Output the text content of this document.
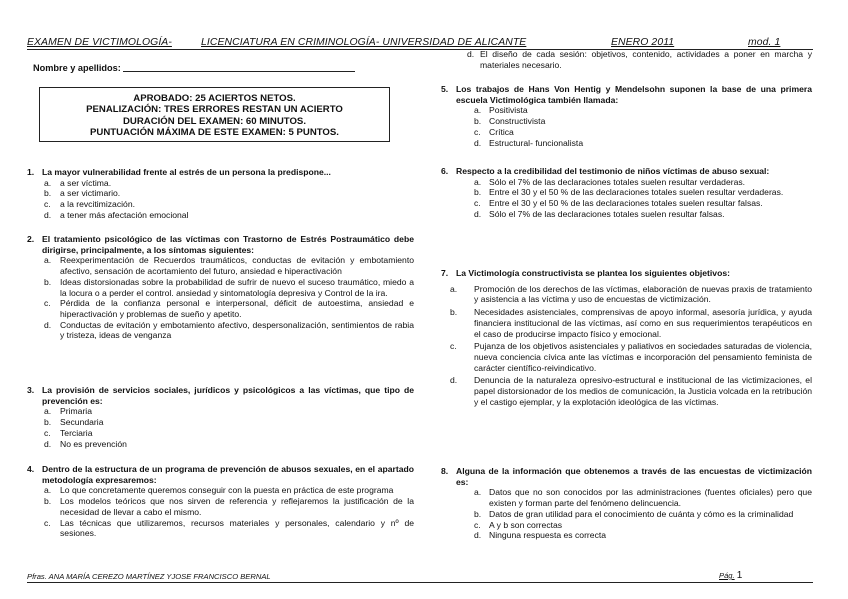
EXAMEN DE VICTIMOLOGÍA-	LICENCIATURA EN CRIMINOLOGÍA- UNIVERSIDAD DE ALICANTE	ENERO 2011	mod. 1
Nombre y apellidos:
APROBADO: 25 ACIERTOS NETOS.
PENALIZACIÓN: TRES ERRORES RESTAN UN ACIERTO
DURACIÓN DEL EXAMEN: 60 MINUTOS.
PUNTUACIÓN MÁXIMA DE ESTE EXAMEN: 5 PUNTOS.
d. El diseño de cada sesión: objetivos, contenido, actividades a poner en marcha y materiales necesario.
1. La mayor vulnerabilidad frente al estrés de un persona la predispone...
a. a ser víctima.
b. a ser victimario.
c. a la revcitimización.
d. a tener más afectación emocional
2. El tratamiento psicológico de las víctimas con Trastorno de Estrés Postraumático debe dirigirse, principalmente, a los síntomas siguientes:
a. Reexperimentación de Recuerdos traumáticos, conductas de evitación y embotamiento afectivo, sensación de acortamiento del futuro, ansiedad e hiperactivación
b. Ideas distorsionadas sobre la probabilidad de sufrir de nuevo el suceso traumático, miedo a la locura o a perder el control. ansiedad y sintomatología depresiva y Control de la ira.
c. Pérdida de la confianza personal e interpersonal, déficit de autoestima, ansiedad e hiperactivación y problemas de sueño y apetito.
d. Conductas de evitación y embotamiento afectivo, despersonalización, sentimientos de rabia y tristeza, ideas de venganza
3. La provisión de servicios sociales, jurídicos y psicológicos a las víctimas, que tipo de prevención es:
a. Primaria
b. Secundaria
c. Terciaria
d. No es prevención
4. Dentro de la estructura de un programa de prevención de abusos sexuales, en el apartado metodología expresaremos:
a. Lo que concretamente queremos conseguir con la puesta en práctica de este programa
b. Los modelos teóricos que nos sirven de referencia y reflejaremos la justificación de la necesidad de llevar a cabo el mismo.
c. Las técnicas que utilizaremos, recursos materiales y personales, calendario y nº de sesiones.
5. Los trabajos de Hans Von Hentig y Mendelsohn suponen la base de una primera escuela Victimológica también llamada:
a. Positivista
b. Constructivista
c. Crítica
d. Estructural- funcionalista
6. Respecto a la credibilidad del testimonio de niños víctimas de abuso sexual:
a. Sólo el 7% de las declaraciones totales suelen resultar verdaderas.
b. Entre el 30 y el 50 % de las declaraciones totales suelen resultar verdaderas.
c. Entre el 30 y el 50 % de las declaraciones totales suelen resultar falsas.
d. Sólo el 7% de las declaraciones totales suelen resultar falsas.
7. La Victimología constructivista se plantea los siguientes objetivos:
a. Promoción de los derechos de las víctimas, elaboración de nuevas praxis de tratamiento y asistencia a las víctima y uso de encuestas de victimización.
b. Necesidades asistenciales, comprensivas de apoyo informal, asesoría jurídica, y ayuda financiera institucional de las víctimas, así como en sus requerimientos terapéuticos en el caso de producirse impacto físico y emocional.
c. Pujanza de los objetivos asistenciales y paliativos en sociedades saturadas de violencia, nueva conciencia cívica ante las víctimas e incorporación del pensamiento feminista de carácter científico-reivindicativo.
d. Denuncia de la naturaleza opresivo-estructural e institucional de las victimizaciones, el papel distorsionador de los medios de comunicación, la Justicia volcada en la retribución y el castigo ejemplar, y la explotación ideológica de las víctimas.
8. Alguna de la información que obtenemos a través de las encuestas de victimización es:
a. Datos que no son conocidos por las administraciones (fuentes oficiales) pero que existen y forman parte del fenómeno delincuencia.
b. Datos de gran utilidad para el conocimiento de cuánta y cómo es la criminalidad
c. A y b son correctas
d. Ninguna respuesta es correcta
Pfras. ANA MARÍA CEREZO MARTÍNEZ YJOSE FRANCISCO BERNAL	Pág. 1
